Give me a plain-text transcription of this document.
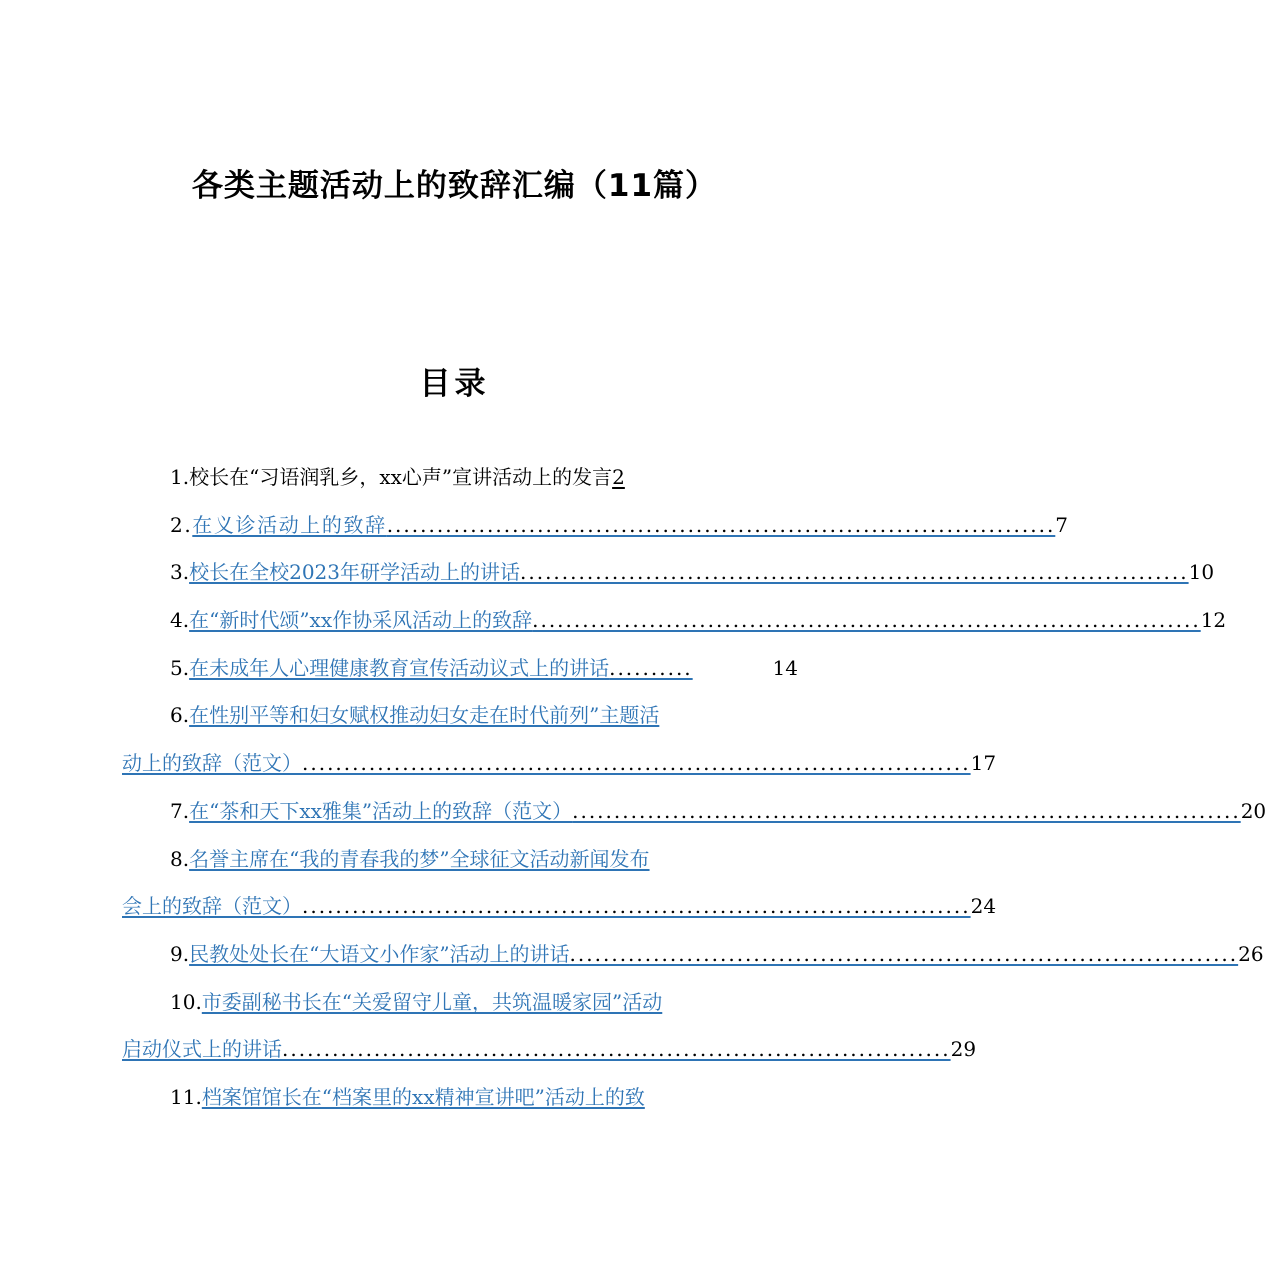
各类主题活动上的致辞汇编（11篇）
目录
1. 校长在“习语润乳乡，xx心声”宣讲活动上的发言 2
2. 在义诊活动上的致辞 ................................................................................ 7
3. 校长在全校2023年研学活动上的讲话 ................................................................................ 10
4. 在“新时代颂”xx作协采风活动上的致辞 ................................................................................ 12
5. 在未成年人心理健康教育宣传活动议式上的讲话 ..........	14
6. 在性别平等和妇女赋权推动妇女走在时代前列”主题活
动上的致辞（范文） ................................................................................ 17
7. 在“茶和天下xx雅集”活动上的致辞（范文） ................................................................................ 20
8. 名誉主席在“我的青春我的梦”全球征文活动新闻发布
会上的致辞（范文） ................................................................................ 24
9. 民教处处长在“大语文小作家”活动上的讲话 ................................................................................ 26
10. 市委副秘书长在“关爱留守儿童，共筑温暖家园”活动
启动仪式上的讲话 ................................................................................ 29
11. 档案馆馆长在“档案里的xx精神宣讲吧”活动上的致
